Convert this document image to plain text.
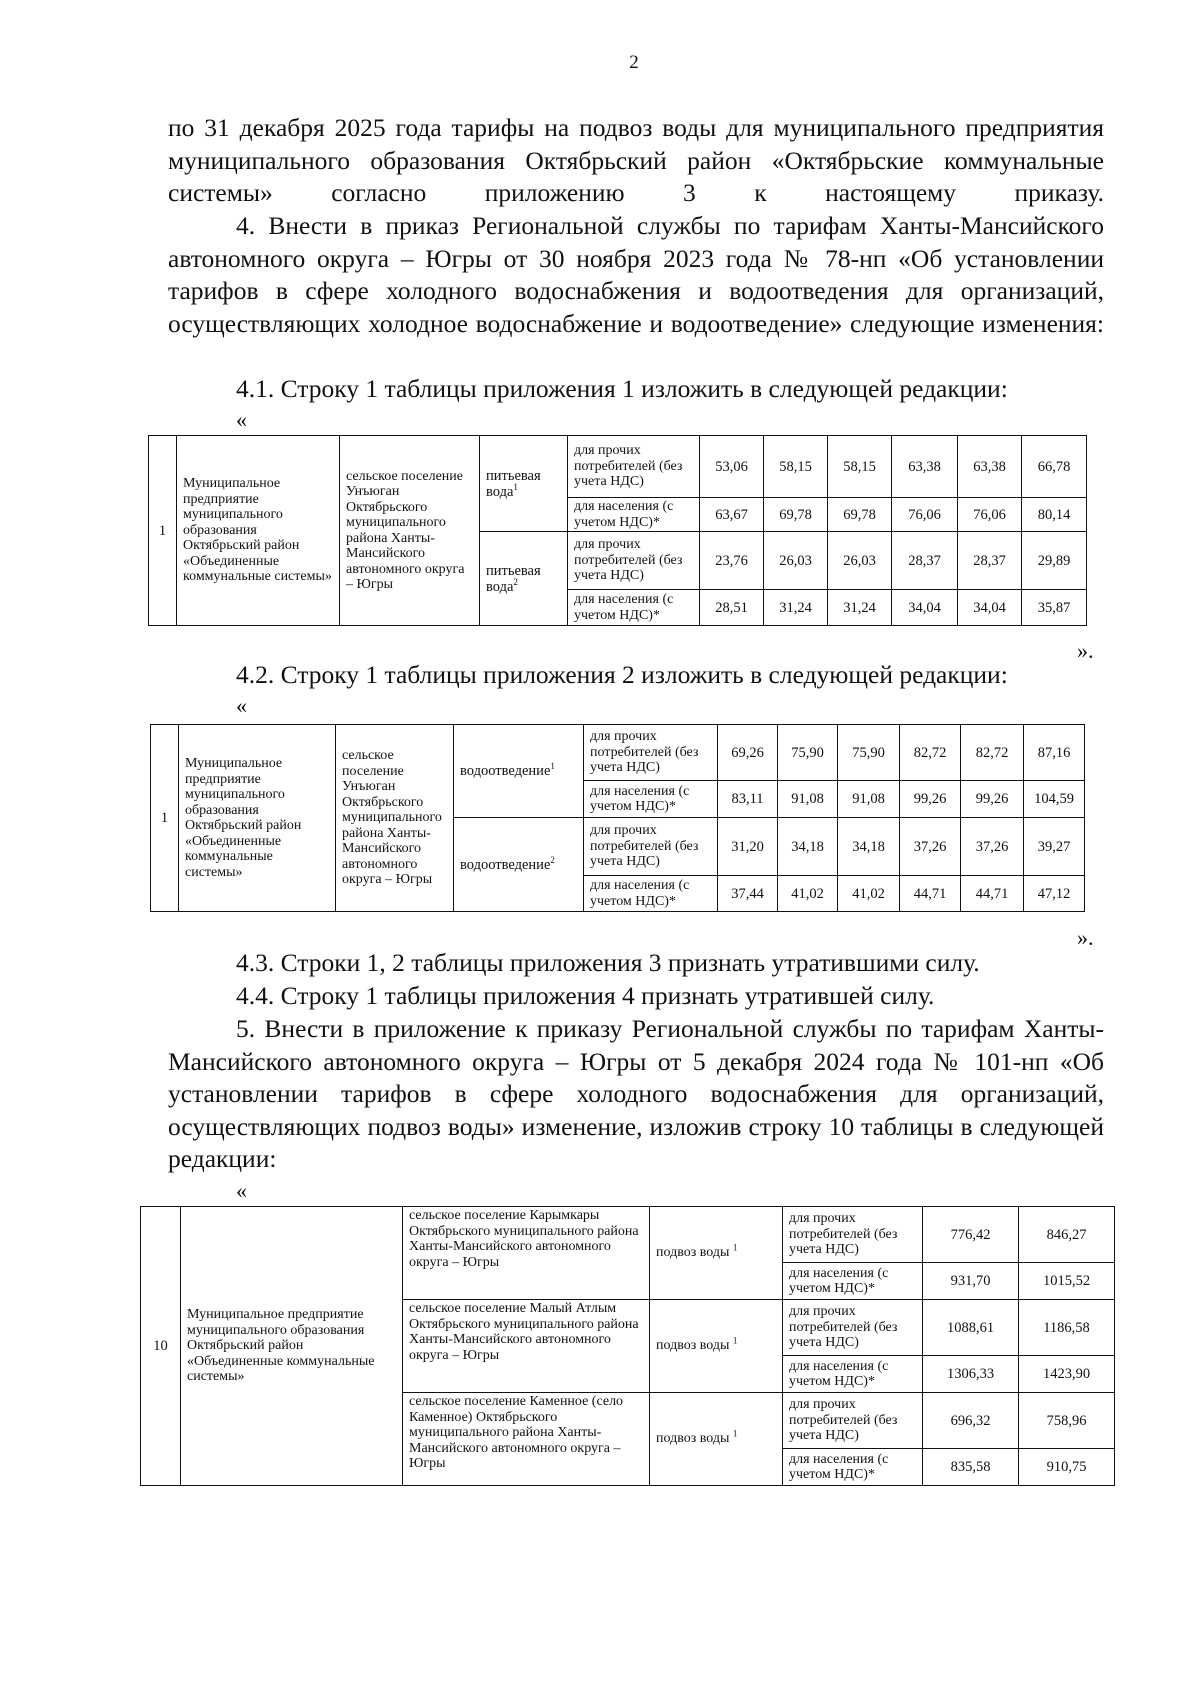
2

по 31 декабря 2025 года тарифы на подвоз воды для муниципального предприятия муниципального образования Октябрьский район «Октябрьские коммунальные системы» согласно приложению 3 к настоящему приказу.

4. Внести в приказ Региональной службы по тарифам Ханты-Мансийского автономного округа – Югры от 30 ноября 2023 года № 78-нп «Об установлении тарифов в сфере холодного водоснабжения и водоотведения для организаций, осуществляющих холодное водоснабжение и водоотведение» следующие изменения:

4.1. Строку 1 таблицы приложения 1 изложить в следующей редакции:

«
1	Муниципальное предприятие муниципального образования Октябрьский район «Объединенные коммунальные системы»	сельское поселение Унъюган Октябрьского муниципального района Ханты-Мансийского автономного округа – Югры	питьевая вода$^1$	для прочих потребителей (без учета НДС)	53,06	58,15	58,15	63,38	63,38	66,78
				для населения (с учетом НДС)*	63,67	69,78	69,78	76,06	76,06	80,14
			питьевая вода$^2$	для прочих потребителей (без учета НДС)	23,76	26,03	26,03	28,37	28,37	29,89
				для населения (с учетом НДС)*	28,51	31,24	31,24	34,04	34,04	35,87
».

4.2. Строку 1 таблицы приложения 2 изложить в следующей редакции:

«
1	Муниципальное предприятие муниципального образования Октябрьский район «Объединенные коммунальные системы»	сельское поселение Унъюган Октябрьского муниципального района Ханты-Мансийского автономного округа – Югры	водоотведение$^1$	для прочих потребителей (без учета НДС)	69,26	75,90	75,90	82,72	82,72	87,16
				для населения (с учетом НДС)*	83,11	91,08	91,08	99,26	99,26	104,59
			водоотведение$^2$	для прочих потребителей (без учета НДС)	31,20	34,18	34,18	37,26	37,26	39,27
				для населения (с учетом НДС)*	37,44	41,02	41,02	44,71	44,71	47,12
».

4.3. Строки 1, 2 таблицы приложения 3 признать утратившими силу.

4.4. Строку 1 таблицы приложения 4 признать утратившей силу.

5. Внести в приложение к приказу Региональной службы по тарифам Ханты-Мансийского автономного округа – Югры от 5 декабря 2024 года № 101-нп «Об установлении тарифов в сфере холодного водоснабжения для организаций, осуществляющих подвоз воды» изменение, изложив строку 10 таблицы в следующей редакции:

«
10	Муниципальное предприятие муниципального образования Октябрьский район «Объединенные коммунальные системы»	сельское поселение Карымкары Октябрьского муниципального района Ханты-Мансийского автономного округа – Югры	подвоз воды $^1$	для прочих потребителей (без учета НДС)	776,42	846,27
				для населения (с учетом НДС)*	931,70	1015,52
		сельское поселение Малый Атлым Октябрьского муниципального района Ханты-Мансийского автономного округа – Югры	подвоз воды $^1$	для прочих потребителей (без учета НДС)	1088,61	1186,58
				для населения (с учетом НДС)*	1306,33	1423,90
		сельское поселение Каменное (село Каменное) Октябрьского муниципального района Ханты-Мансийского автономного округа – Югры	подвоз воды $^1$	для прочих потребителей (без учета НДС)	696,32	758,96
				для населения (с учетом НДС)*	835,58	910,75
